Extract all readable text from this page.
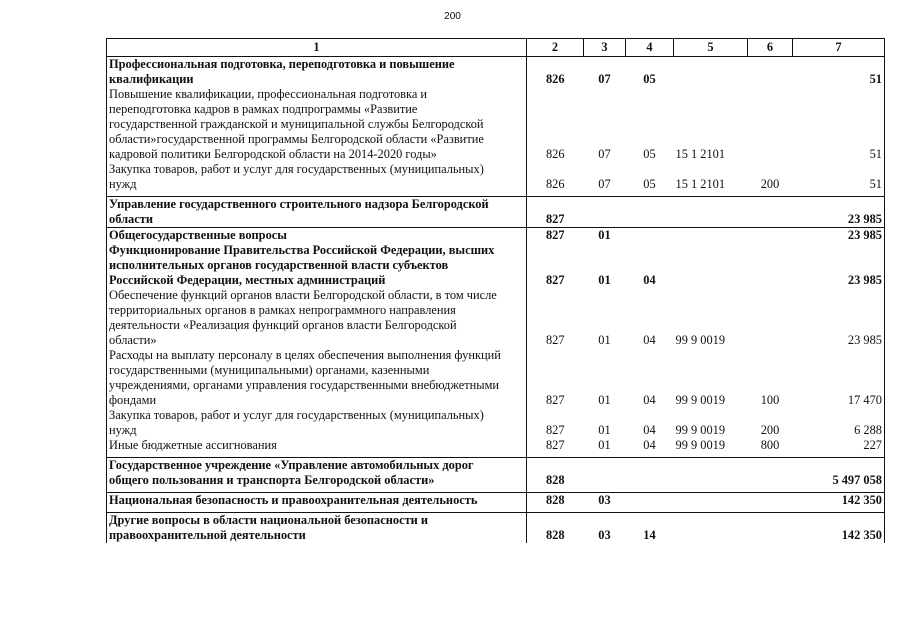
200
1	2	3	4	5	6	7

Профессиональная подготовка, переподготовка и повышение
квалификации	826	07	05			51

Повышение квалификации, профессиональная подготовка и
переподготовка кадров в рамках подпрограммы «Развитие
государственной гражданской и муниципальной службы Белгородской
области»государственной программы Белгородской области «Развитие
кадровой политики Белгородской области на 2014-2020 годы»	826	07	05	15 1 2101		51

Закупка товаров, работ и услуг для государственных (муниципальных)
нужд	826	07	05	15 1 2101	200	51

Управление государственного строительного надзора Белгородской
области	827					23 985

Общегосударственные вопросы	827	01				23 985

Функционирование Правительства Российской Федерации, высших
исполнительных органов государственной власти субъектов
Российской Федерации, местных администраций	827	01	04			23 985

Обеспечение функций органов власти Белгородской области, в том числе
территориальных органов в рамках непрограммного направления
деятельности «Реализация функций органов власти Белгородской
области»	827	01	04	99 9 0019		23 985

Расходы на выплату персоналу в целях обеспечения выполнения функций
государственными (муниципальными) органами, казенными
учреждениями, органами управления государственными внебюджетными
фондами	827	01	04	99 9 0019	100	17 470

Закупка товаров, работ и услуг для государственных (муниципальных)
нужд	827	01	04	99 9 0019	200	6 288

Иные бюджетные ассигнования	827	01	04	99 9 0019	800	227

Государственное учреждение «Управление автомобильных дорог
общего пользования и транспорта Белгородской области»	828					5 497 058

Национальная безопасность и правоохранительная деятельность	828	03				142 350

Другие вопросы в области национальной безопасности и
правоохранительной деятельности	828	03	14			142 350
